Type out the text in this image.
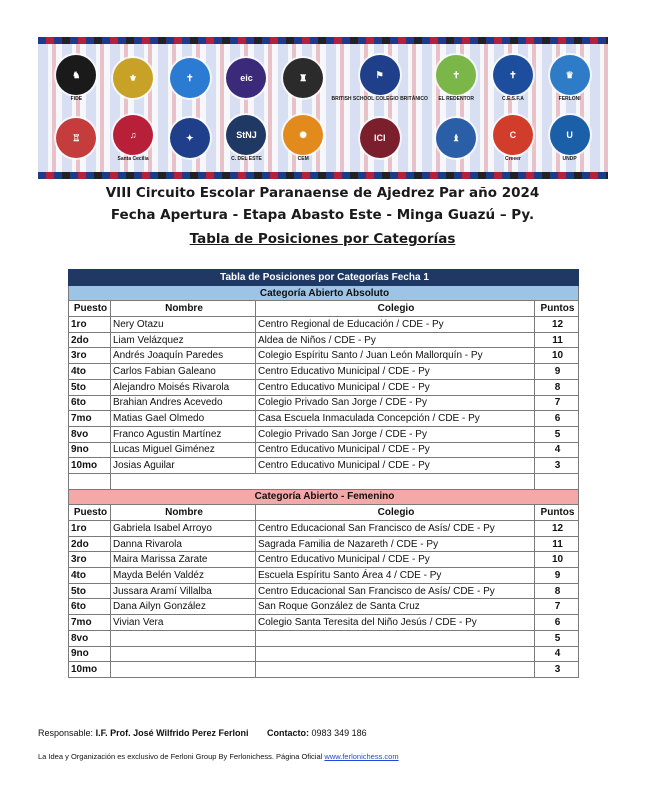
♞
FIDE
⚜	✝	eic	♜	⚑
BRITISH SCHOOL COLEGIO BRITÁNICO
✝
EL REDENTOR
✝
C.E.S.F.A
♛
FERLONI
♖	♫
Santa Cecilia
✦	StNJ
C. DEL ESTE
✺
CEM
ICI	♝	C
Creeer
U
UNDP
VIII Circuito Escolar Paranaense de Ajedrez Par año 2024
Fecha Apertura - Etapa Abasto Este - Minga Guazú – Py.
Tabla de Posiciones por Categorías
Tabla de Posiciones por Categorías Fecha 1			
Categoría Abierto Absoluto			
Puesto	Nombre	Colegio	Puntos
1ro	Nery Otazu	Centro Regional de Educación / CDE - Py	12
2do	Liam Velázquez	Aldea de Niños / CDE - Py	11
3ro	Andrés Joaquín Paredes	Colegio Espíritu Santo / Juan León Mallorquín - Py	10
4to	Carlos Fabian Galeano	Centro Educativo Municipal / CDE - Py	9
5to	Alejandro Moisés Rivarola	Centro Educativo Municipal / CDE - Py	8
6to	Brahian Andres Acevedo	Colegio Privado San Jorge / CDE - Py	7
7mo	Matias Gael Olmedo	Casa Escuela Inmaculada Concepción / CDE - Py	6
8vo	Franco Agustin Martínez	Colegio Privado San Jorge / CDE - Py	5
9no	Lucas Miguel Giménez	Centro Educativo Municipal / CDE - Py	4
10mo	Josias Aguilar	Centro Educativo Municipal / CDE - Py	3

Categoría Abierto - Femenino			
Puesto	Nombre	Colegio	Puntos
1ro	Gabriela Isabel Arroyo	Centro Educacional San Francisco de Asís/ CDE - Py	12
2do	Danna Rivarola	Sagrada Familia de Nazareth / CDE - Py	11
3ro	Maira Marissa Zarate	Centro Educativo Municipal / CDE - Py	10
4to	Mayda Belén Valdéz	Escuela Espíritu Santo Área 4 / CDE - Py	9
5to	Jussara Aramí Villalba	Centro Educacional San Francisco de Asís/ CDE - Py	8
6to	Dana Ailyn González	San Roque González de Santa Cruz	7
7mo	Vivian Vera	Colegio Santa Teresita del Niño Jesús / CDE - Py	6
8vo			5
9no			4
10mo			3
Responsable: I.F. Prof. José Wilfrido Perez Ferloni Contacto: 0983 349 186
La Idea y Organización es exclusivo de Ferloni Group By Ferlonichess. Página Oficial www.ferlonichess.com
